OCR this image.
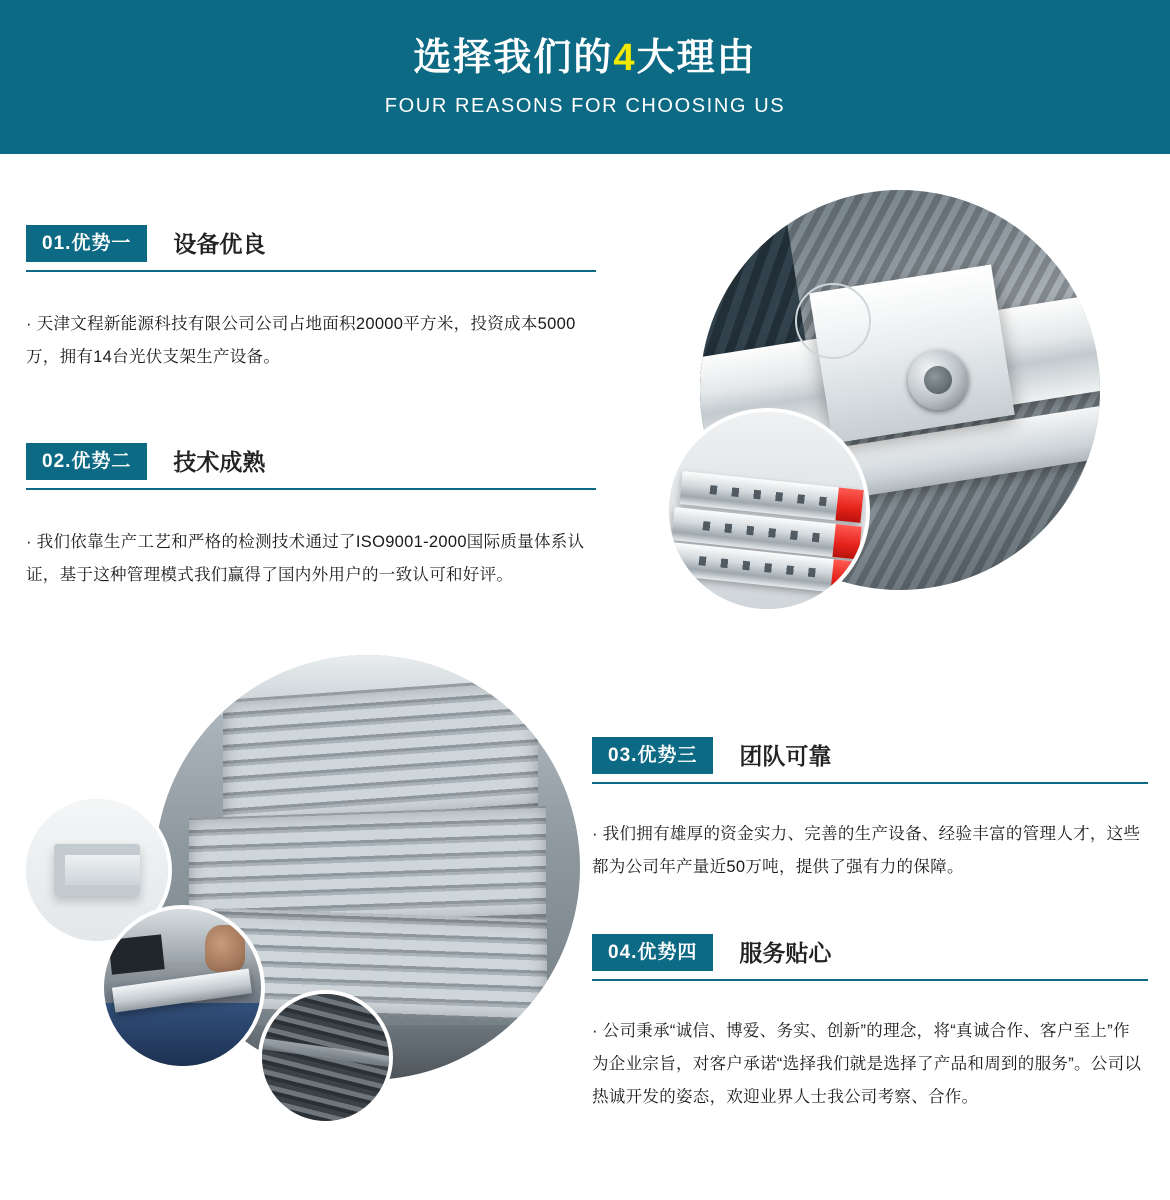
选择我们的4大理由
FOUR REASONS FOR CHOOSING US
01.优势一	设备优良
· 天津文程新能源科技有限公司公司占地面积20000平方米，投资成本5000万，拥有14台光伏支架生产设备。
02.优势二	技术成熟
· 我们依靠生产工艺和严格的检测技术通过了ISO9001-2000国际质量体系认证，基于这种管理模式我们赢得了国内外用户的一致认可和好评。
03.优势三	团队可靠
· 我们拥有雄厚的资金实力、完善的生产设备、经验丰富的管理人才，这些都为公司年产量近50万吨，提供了强有力的保障。
04.优势四	服务贴心
· 公司秉承“诚信、博爱、务实、创新”的理念，将“真诚合作、客户至上”作为企业宗旨，对客户承诺“选择我们就是选择了产品和周到的服务”。公司以热诚开发的姿态，欢迎业界人士我公司考察、合作。
